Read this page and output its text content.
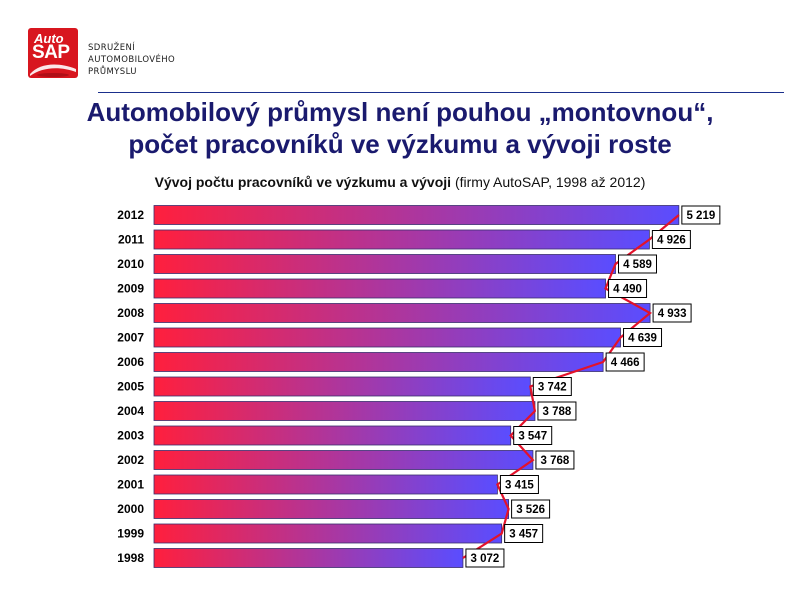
Auto
SAP SDRUŽENÍ
AUTOMOBILOVÉHO
PRŮMYSLU
Automobilový průmysl není pouhou „montovnou“,
počet pracovníků ve výzkumu a vývoji roste
Vývoj počtu pracovníků ve výzkumu a vývoji (firmy AutoSAP, 1998 až 2012)
2012
2011
2010
2009
2008
2007
2006
2005
2004
2003
2002
2001
2000
1999
1998
5 219
4 926
4 589
4 490
4 933
4 639
4 466
3 742
3 788
3 547
3 768
3 415
3 526
3 457
3 072
